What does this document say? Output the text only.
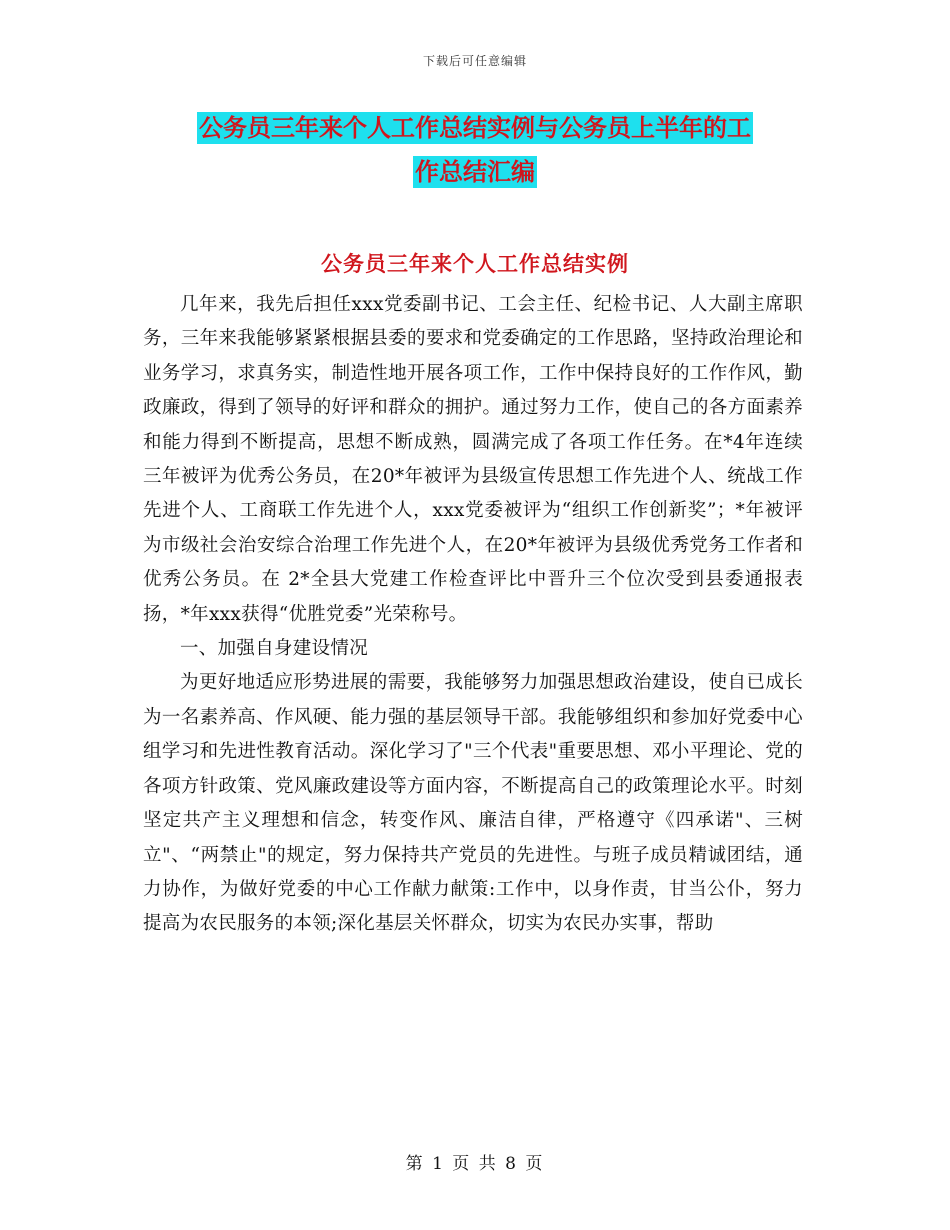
下载后可任意编辑
公务员三年来个人工作总结实例与公务员上半年的工
作总结汇编
公务员三年来个人工作总结实例

几年来，我先后担任xxx党委副书记、工会主任、纪检书记、人大副主席职务，三年来我能够紧紧根据县委的要求和党委确定的工作思路，坚持政治理论和业务学习，求真务实，制造性地开展各项工作，工作中保持良好的工作作风，勤政廉政，得到了领导的好评和群众的拥护。通过努力工作，使自己的各方面素养和能力得到不断提高，思想不断成熟，圆满完成了各项工作任务。在*4年连续三年被评为优秀公务员，在20*年被评为县级宣传思想工作先进个人、统战工作先进个人、工商联工作先进个人，xxx党委被评为“组织工作创新奖”；*年被评为市级社会治安综合治理工作先进个人，在20*年被评为县级优秀党务工作者和优秀公务员。在 2*全县大党建工作检查评比中晋升三个位次受到县委通报表扬，*年xxx获得“优胜党委”光荣称号。

一、加强自身建设情况

为更好地适应形势进展的需要，我能够努力加强思想政治建设，使自已成长为一名素养高、作风硬、能力强的基层领导干部。我能够组织和参加好党委中心组学习和先进性教育活动。深化学习了"三个代表"重要思想、邓小平理论、党的各项方针政策、党风廉政建设等方面内容，不断提高自己的政策理论水平。时刻坚定共产主义理想和信念，转变作风、廉洁自律，严格遵守《四承诺"、三树立"、“两禁止"的规定，努力保持共产党员的先进性。与班子成员精诚团结，通力协作，为做好党委的中心工作献力献策:工作中，以身作责，甘当公仆，努力提高为农民服务的本领;深化基层关怀群众，切实为农民办实事，帮助

第 1 页 共 8 页
